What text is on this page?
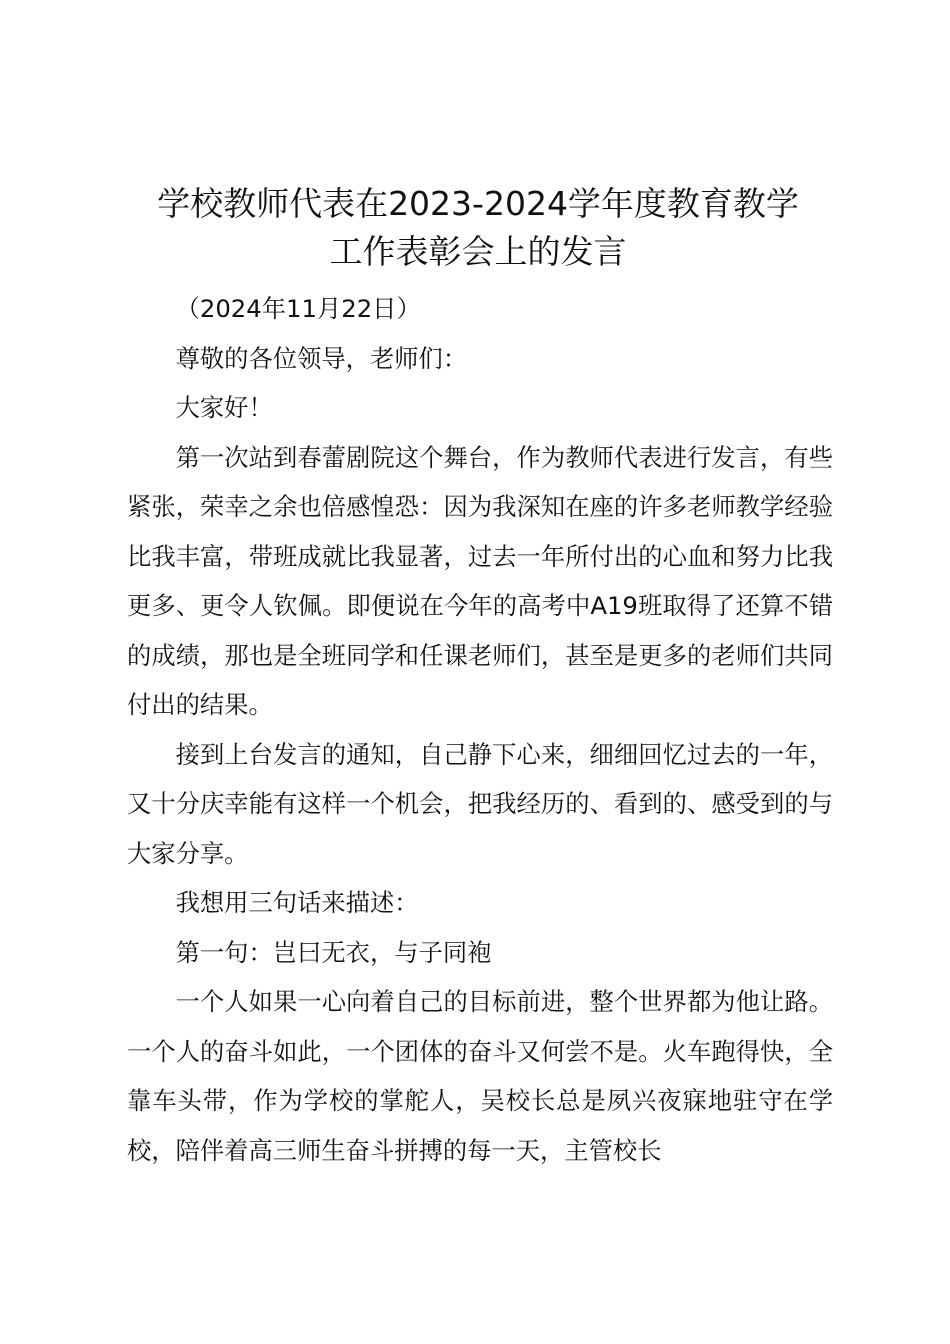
学校教师代表在2023-2024学年度教育教学
工作表彰会上的发言

（2024年11月22日）

尊敬的各位领导，老师们：

大家好！

第一次站到春蕾剧院这个舞台，作为教师代表进行发言，有些紧张，荣幸之余也倍感惶恐：因为我深知在座的许多老师教学经验比我丰富，带班成就比我显著，过去一年所付出的心血和努力比我更多、更令人钦佩。即便说在今年的高考中A19班取得了还算不错的成绩，那也是全班同学和任课老师们，甚至是更多的老师们共同付出的结果。

接到上台发言的通知，自己静下心来，细细回忆过去的一年，又十分庆幸能有这样一个机会，把我经历的、看到的、感受到的与大家分享。

我想用三句话来描述：

第一句：岂曰无衣，与子同袍

一个人如果一心向着自己的目标前进，整个世界都为他让路。一个人的奋斗如此，一个团体的奋斗又何尝不是。火车跑得快，全靠车头带，作为学校的掌舵人，吴校长总是夙兴夜寐地驻守在学校，陪伴着高三师生奋斗拼搏的每一天，主管校长
